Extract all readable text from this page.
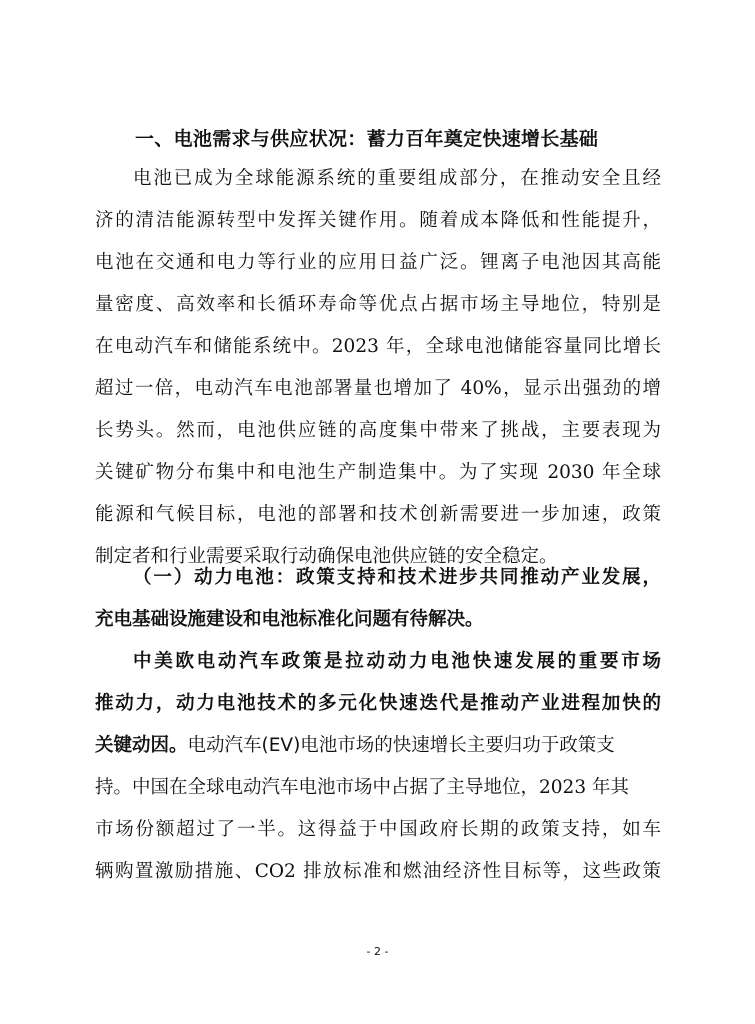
一、电池需求与供应状况：蓄力百年奠定快速增长基础
电池已成为全球能源系统的重要组成部分，在推动安全且经
济的清洁能源转型中发挥关键作用。随着成本降低和性能提升，
电池在交通和电力等行业的应用日益广泛。锂离子电池因其高能
量密度、高效率和长循环寿命等优点占据市场主导地位，特别是
在电动汽车和储能系统中。2023 年，全球电池储能容量同比增长
超过一倍，电动汽车电池部署量也增加了 40%，显示出强劲的增
长势头。然而，电池供应链的高度集中带来了挑战，主要表现为
关键矿物分布集中和电池生产制造集中。为了实现 2030 年全球
能源和气候目标，电池的部署和技术创新需要进一步加速，政策
制定者和行业需要采取行动确保电池供应链的安全稳定。
（一）动力电池：政策支持和技术进步共同推动产业发展，
充电基础设施建设和电池标准化问题有待解决。
中美欧电动汽车政策是拉动动力电池快速发展的重要市场
推动力，动力电池技术的多元化快速迭代是推动产业进程加快的
关键动因。电动汽车(EV)电池市场的快速增长主要归功于政策支
持。中国在全球电动汽车电池市场中占据了主导地位，2023 年其
市场份额超过了一半。这得益于中国政府长期的政策支持，如车
辆购置激励措施、CO2 排放标准和燃油经济性目标等，这些政策
- 2 -
